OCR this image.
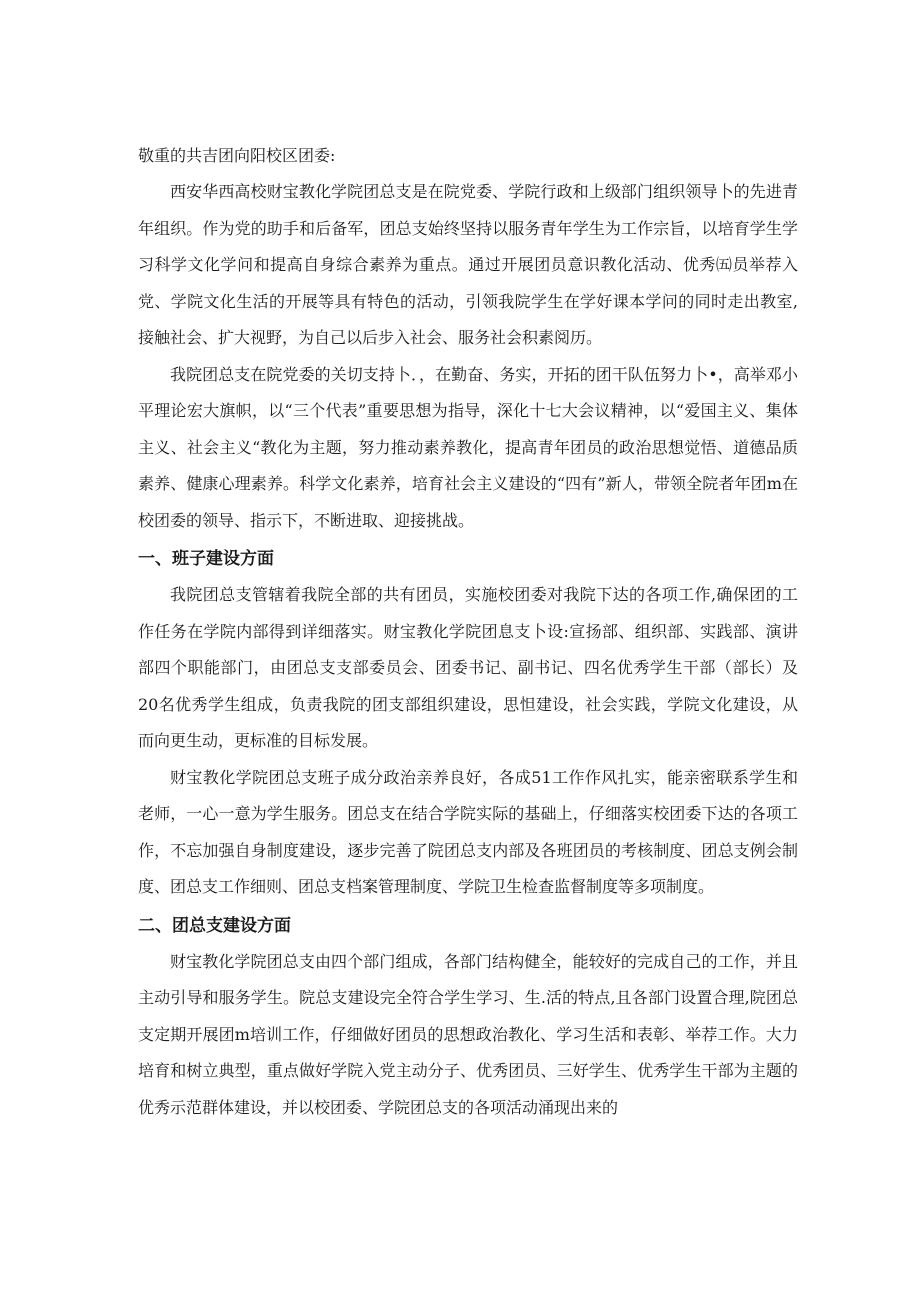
敬重的共吉团向阳校区团委:

西安华西高校财宝教化学院团总支是在院党委、学院行政和上级部门组织领导卜的先进青年组织。作为党的助手和后备军，团总支始终坚持以服务青年学生为工作宗旨，以培育学生学习科学文化学问和提高自身综合素养为重点。通过开展团员意识教化活动、优秀㈤员举荐入党、学院文化生活的开展等具有特色的活动，引领我院学生在学好课本学问的同时走出教室,接触社会、扩大视野，为自己以后步入社会、服务社会积素阅历。

我院团总支在院党委的关切支持卜．，在勤奋、务实，开拓的团干队伍努力卜•，高举邓小平理论宏大旗帜，以“三个代表”重要思想为指导，深化十七大会议精神，以“爱国主义、集体主义、社会主义“教化为主题，努力推动素养教化，提高青年团员的政治思想觉悟、道德品质素养、健康心理素养。科学文化素养，培育社会主义建设的“四有”新人，带领全院者年团m在校团委的领导、指示下，不断进取、迎接挑战。

一、班子建设方面

我院团总支管辖着我院全部的共有团员，实施校团委对我院下达的各项工作,确保团的工作任务在学院内部得到详细落实。财宝教化学院团息支卜设:宣扬部、组织部、实践部、演讲部四个职能部门，由团总支支部委员会、团委书记、副书记、四名优秀学生干部（部长）及20名优秀学生组成，负责我院的团支部组织建设，思怛建设，社会实践，学院文化建设，从而向更生动，更标准的目标发展。

财宝教化学院团总支班子成分政治亲养良好，各成51工作作风扎实，能亲密联系学生和老师，一心一意为学生服务。团总支在结合学院实际的基础上，仔细落实校团委下达的各项工作，不忘加强自身制度建设，逐步完善了院团总支内部及各班团员的考核制度、团总支例会制度、团总支工作细则、团总支档案管理制度、学院卫生检查监督制度等多项制度。

二、团总支建设方面

财宝教化学院团总支由四个部门组成，各部门结构健全，能较好的完成自己的工作，并且主动引导和服务学生。院总支建设完全符合学生学习、生.活的特点,且各部门设置合理,院团总支定期开展团m培训工作，仔细做好团员的思想政治教化、学习生活和表彰、举荐工作。大力培育和树立典型，重点做好学院入党主动分子、优秀团员、三好学生、优秀学生干部为主题的优秀示范群体建设，并以校团委、学院团总支的各项活动涌现出来的
